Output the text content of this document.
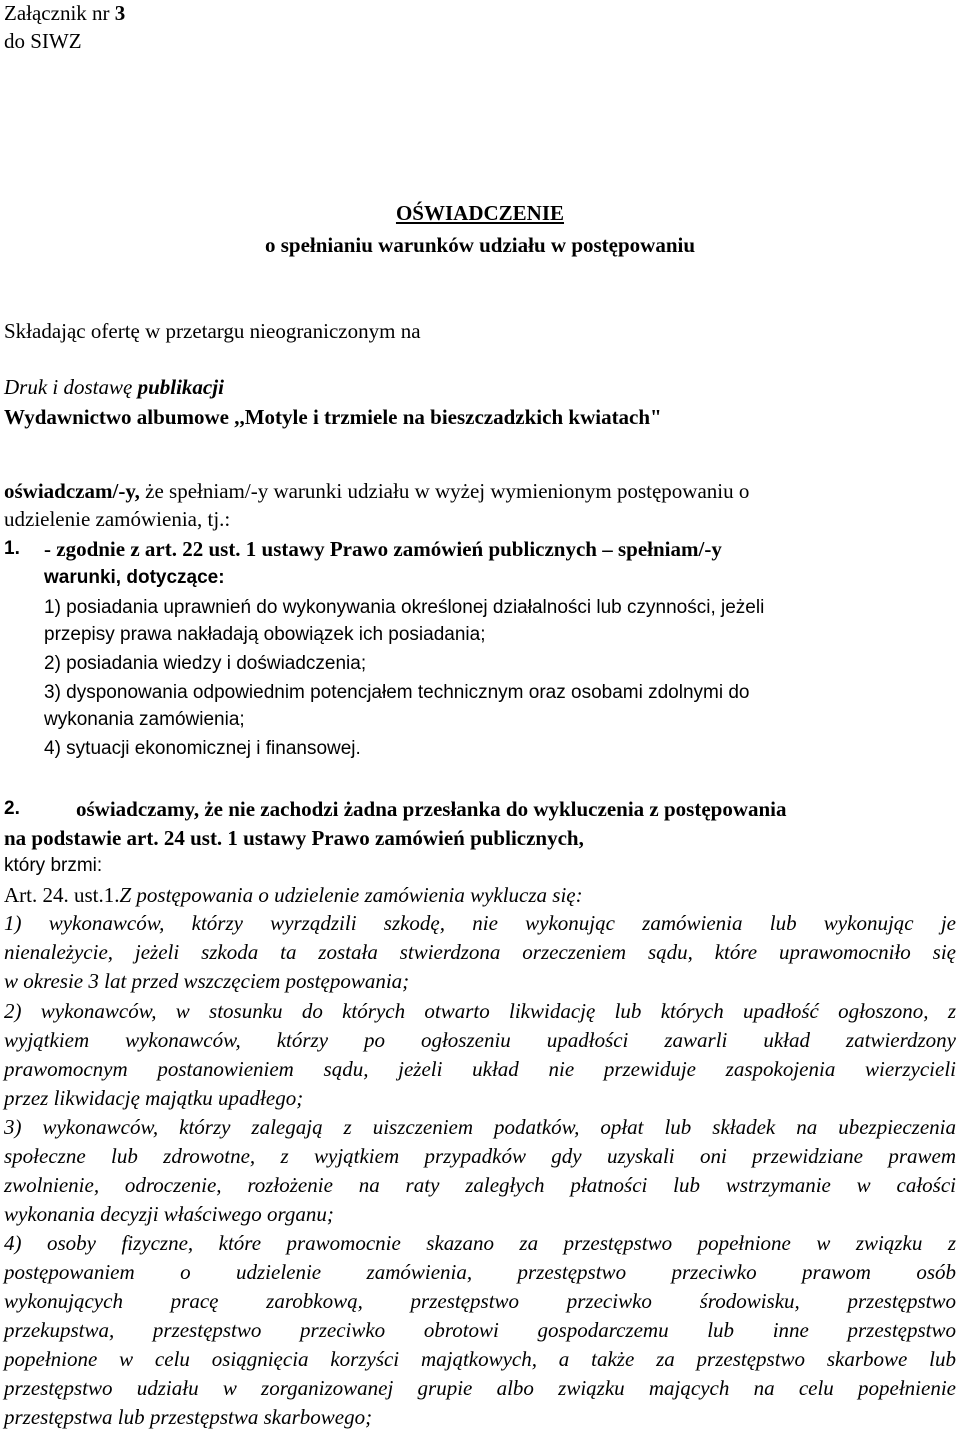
Załącznik nr 3
do SIWZ
OŚWIADCZENIE
o spełnianiu warunków udziału w postępowaniu
Składając ofertę w przetargu nieograniczonym na
Druk i dostawę publikacji
Wydawnictwo albumowe ,,Motyle i trzmiele na bieszczadzkich kwiatach"
oświadczam/-y, że spełniam/-y warunki udziału w wyżej wymienionym postępowaniu o
udzielenie zamówienia, tj.:
1. - zgodnie z art. 22 ust. 1 ustawy Prawo zamówień publicznych – spełniam/-y
warunki, dotyczące:
1) posiadania uprawnień do wykonywania określonej działalności lub czynności, jeżeli
przepisy prawa nakładają obowiązek ich posiadania;
2) posiadania wiedzy i doświadczenia;
3) dysponowania odpowiednim potencjałem technicznym oraz osobami zdolnymi do
wykonania zamówienia;
4) sytuacji ekonomicznej i finansowej.
2.	oświadczamy, że nie zachodzi żadna przesłanka do wykluczenia z postępowania
na podstawie art. 24 ust. 1 ustawy Prawo zamówień publicznych,
który brzmi:
Art. 24. ust.1.Z postępowania o udzielenie zamówienia wyklucza się:
1) wykonawców, którzy wyrządzili szkodę, nie wykonując zamówienia lub wykonując je
nienależycie, jeżeli szkoda ta została stwierdzona orzeczeniem sądu, które uprawomocniło się
w okresie 3 lat przed wszczęciem postępowania;
2) wykonawców, w stosunku do których otwarto likwidację lub których upadłość ogłoszono, z
wyjątkiem wykonawców, którzy po ogłoszeniu upadłości zawarli układ zatwierdzony
prawomocnym postanowieniem sądu, jeżeli układ nie przewiduje zaspokojenia wierzycieli
przez likwidację majątku upadłego;
3) wykonawców, którzy zalegają z uiszczeniem podatków, opłat lub składek na ubezpieczenia
społeczne lub zdrowotne, z wyjątkiem przypadków gdy uzyskali oni przewidziane prawem
zwolnienie, odroczenie, rozłożenie na raty zaległych płatności lub wstrzymanie w całości
wykonania decyzji właściwego organu;
4) osoby fizyczne, które prawomocnie skazano za przestępstwo popełnione w związku z
postępowaniem o udzielenie zamówienia, przestępstwo przeciwko prawom osób
wykonujących pracę zarobkową, przestępstwo przeciwko środowisku, przestępstwo
przekupstwa, przestępstwo przeciwko obrotowi gospodarczemu lub inne przestępstwo
popełnione w celu osiągnięcia korzyści majątkowych, a także za przestępstwo skarbowe lub
przestępstwo udziału w zorganizowanej grupie albo związku mających na celu popełnienie
przestępstwa lub przestępstwa skarbowego;
